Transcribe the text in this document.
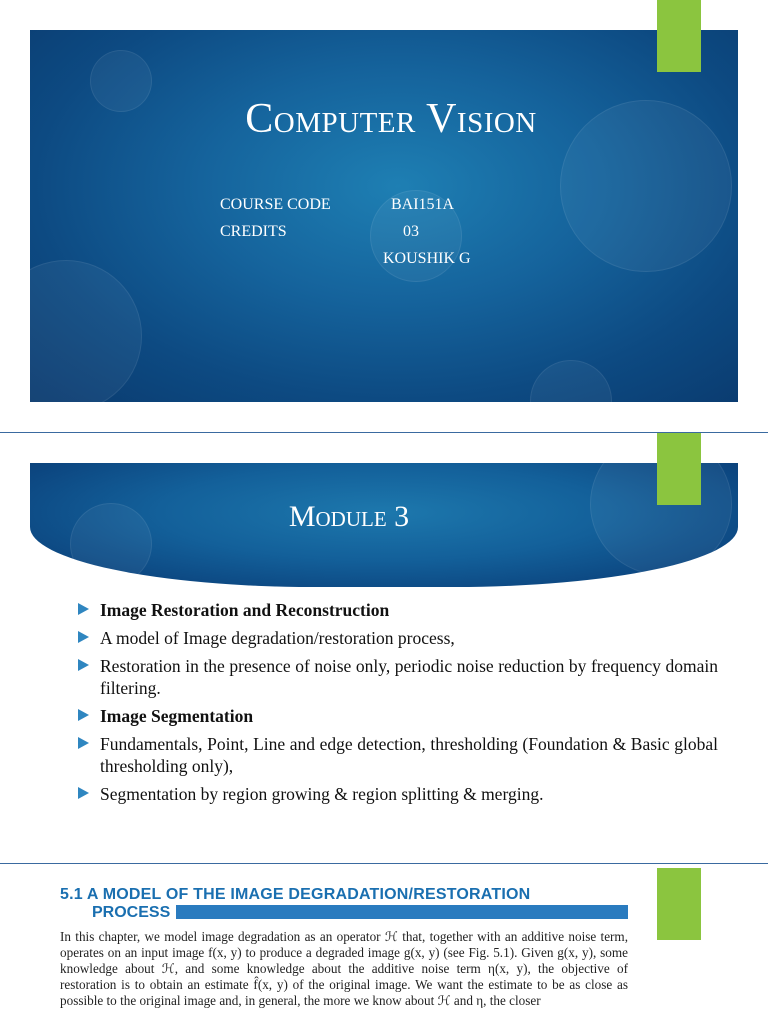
Computer Vision
COURSE CODE	BAI151A
CREDITS	03
KOUSHIK G
Module 3
Image Restoration and Reconstruction
A model of Image degradation/restoration process,
Restoration in the presence of noise only, periodic noise reduction by frequency domain filtering.
Image Segmentation
Fundamentals, Point, Line and edge detection, thresholding (Foundation & Basic global thresholding only),
Segmentation by region growing & region splitting & merging.
5.1 A MODEL OF THE IMAGE DEGRADATION/RESTORATION
PROCESS
In this chapter, we model image degradation as an operator ℋ that, together with an additive noise term, operates on an input image f(x, y) to produce a degraded image g(x, y) (see Fig. 5.1). Given g(x, y), some knowledge about ℋ, and some knowledge about the additive noise term η(x, y), the objective of restoration is to obtain an estimate f̂(x, y) of the original image. We want the estimate to be as close as possible to the original image and, in general, the more we know about ℋ and η, the closer
